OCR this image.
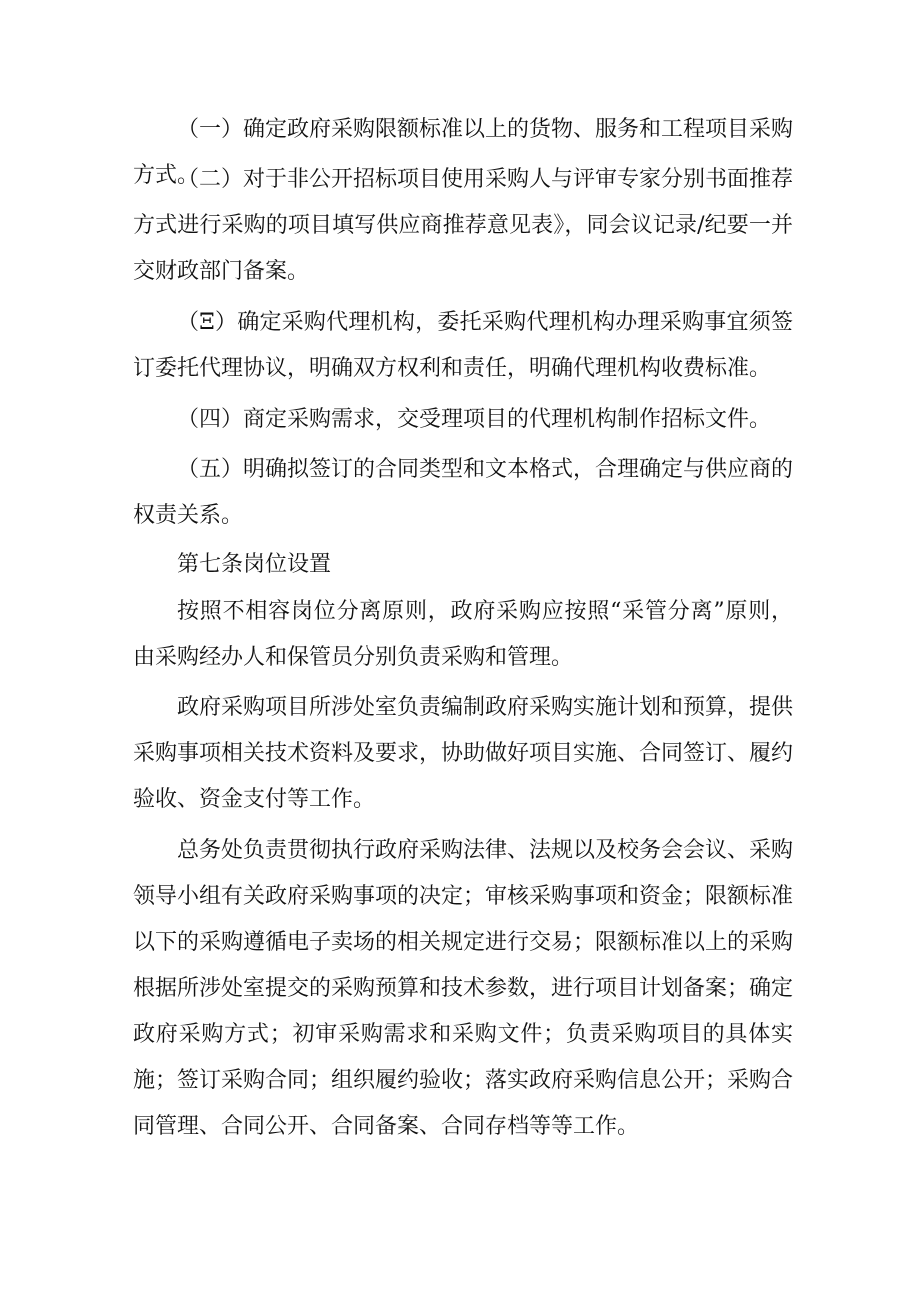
（一）确定政府采购限额标准以上的货物、服务和工程项目采购方式。

（二）对于非公开招标项目使用采购人与评审专家分别书面推荐方式进行采购的项目填写供应商推荐意见表》，同会议记录/纪要一并交财政部门备案。

（Ξ）确定采购代理机构，委托采购代理机构办理采购事宜须签订委托代理协议，明确双方权利和责任，明确代理机构收费标准。

（四）商定采购需求，交受理项目的代理机构制作招标文件。

（五）明确拟签订的合同类型和文本格式，合理确定与供应商的权责关系。

第七条岗位设置

按照不相容岗位分离原则，政府采购应按照“采管分离”原则，由采购经办人和保管员分别负责采购和管理。

政府采购项目所涉处室负责编制政府采购实施计划和预算，提供采购事项相关技术资料及要求，协助做好项目实施、合同签订、履约验收、资金支付等工作。

总务处负责贯彻执行政府采购法律、法规以及校务会会议、采购领导小组有关政府采购事项的决定；审核采购事项和资金；限额标准以下的采购遵循电子卖场的相关规定进行交易；限额标准以上的采购根据所涉处室提交的采购预算和技术参数，进行项目计划备案；确定政府采购方式；初审采购需求和采购文件；负责采购项目的具体实施；签订采购合同；组织履约验收；落实政府采购信息公开；采购合同管理、合同公开、合同备案、合同存档等等工作。
